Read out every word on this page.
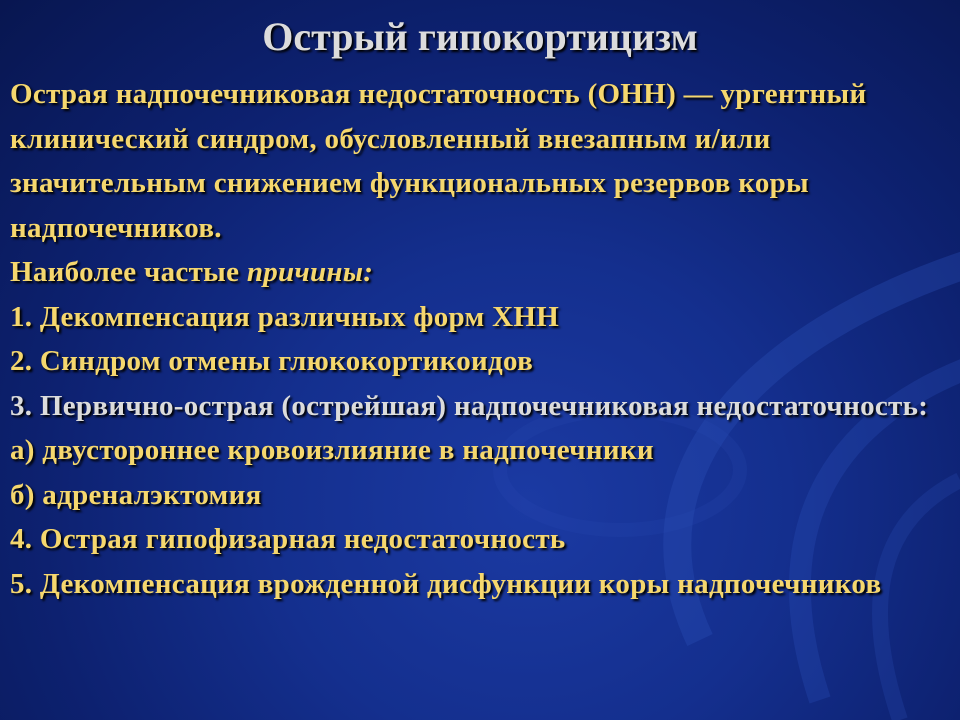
Острый гипокортицизм

Острая надпочечниковая недостаточность (ОНН) — ургентный клинический синдром, обусловленный внезапным и/или значительным снижением функциональных резервов коры надпочечников.

Наиболее частые причины:

1. Декомпенсация различных форм ХНН

2. Синдром отмены глюкокортикоидов

3. Первично-острая (острейшая) надпочечниковая недостаточность:

а) двустороннее кровоизлияние в надпочечники

б) адреналэктомия

4. Острая гипофизарная недостаточность

5. Декомпенсация врожденной дисфункции коры надпочечников
